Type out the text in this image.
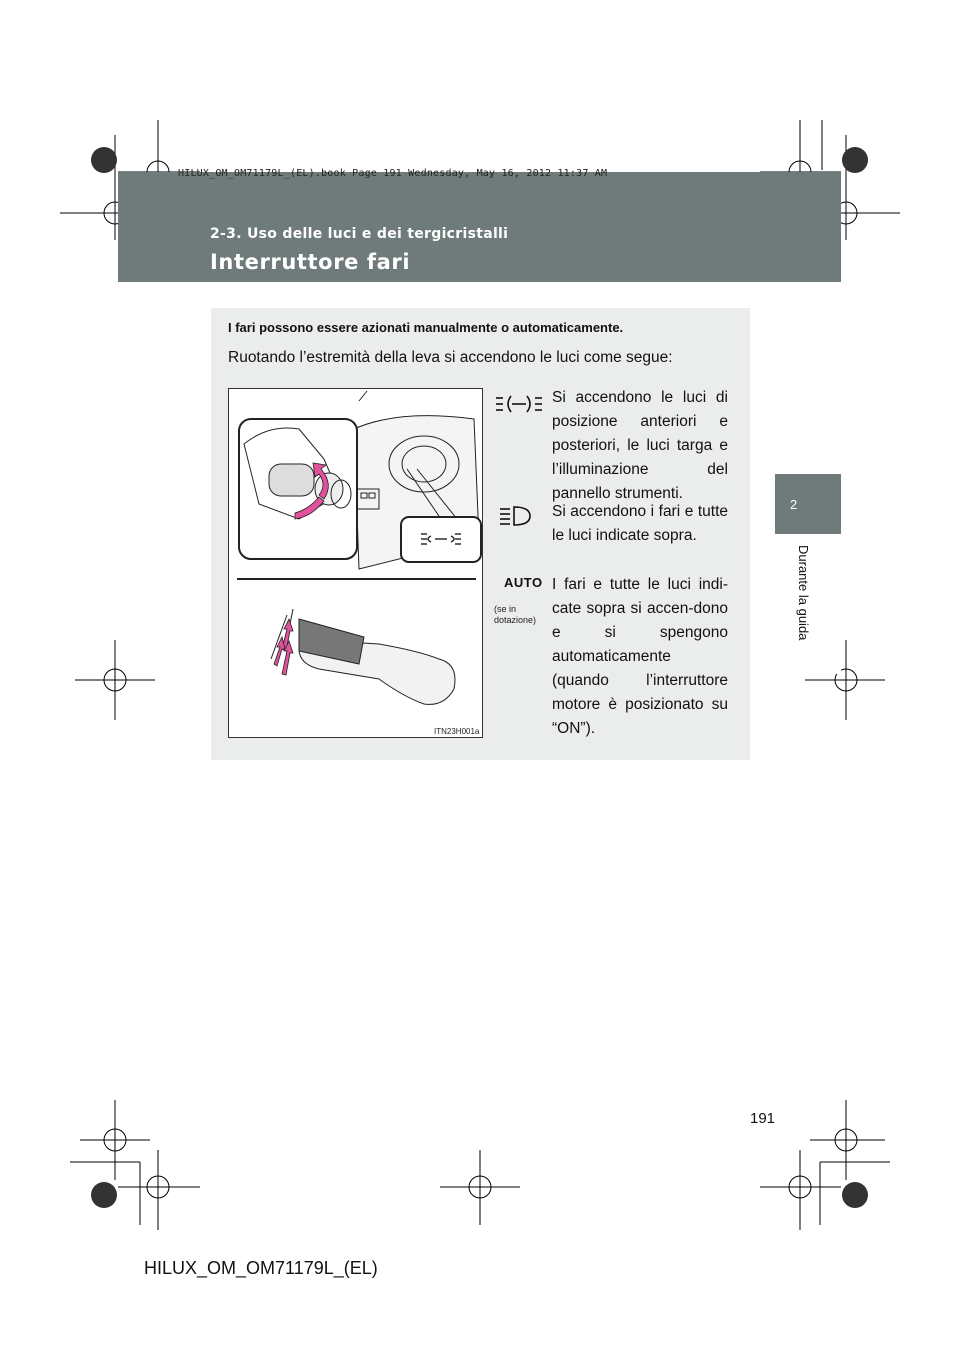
HILUX_OM_OM71179L_(EL).book Page 191 Wednesday, May 16, 2012 11:37 AM
2-3. Uso delle luci e dei tergicristalli
Interruttore fari
2
Durante la guida
I fari possono essere azionati manualmente o automaticamente.
Ruotando l’estremità della leva si accendono le luci come segue:
ITN23H001a
Si accendono le luci di posizione anteriori e posteriori, le luci targa e l’illuminazione del pannello strumenti.
Si accendono i fari e tutte le luci indicate sopra.
AUTO
(se in dotazione)
I fari e tutte le luci indi-cate sopra si accen-dono e si spengono automaticamente (quando l’interruttore motore è posizionato su “ON”).
191
HILUX_OM_OM71179L_(EL)
